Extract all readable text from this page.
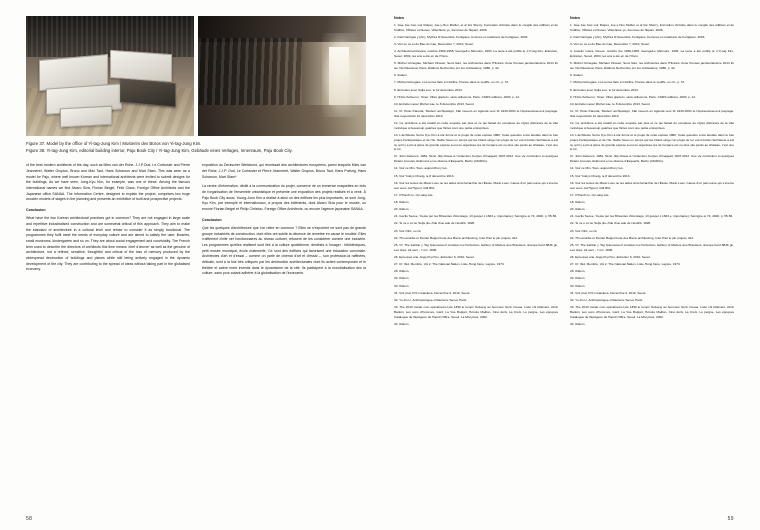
Figure 37. Model by the office of Yi-tag-Jung Kim / Musterim des Büros von Yi-tag-Jung Kim.

Figure 38. Yi-tag-Jung Kim, editorial building interior, Paju Book City / Yi-tag-Jung Kim, Gebäude eines Verlages, Innenraum, Paju Book City.

of the best modern architects of the day, such as Mies van der Rohe, J.J.P.Oud, Le Corbusier and Pierre Jeanneret, Walter Gropius, Bruno and Max Taut, Hans Scharoun and Mart Stam. This was seen as a model for Paju, where well known Korean and international architects were invited to submit designs for the buildings. As we have seen, Jong-Kyu Kim, for example, was one of these. Among the famous international names we find Alvaro Siza, Florian Beigel, Felix Claus, Foreign Office Architects and the Japanese office SANAA. The Information Centre, designed to explain the project, comprises two huge wooden models of stages in the planning and presents an exhibition of built and prospective projects.

Conclusion

What have the two Korean architectural practices got in common? They are not engaged in large scale and repetitive industrialised construction and are somewhat critical of this approach. They aim to make the standard of architecture in a cultural level and refuse to consider it as simply functional. The programmes they fulfil meet the needs of everyday culture and are aimed to satisfy the user: libraries, small museums, kindergarten and so on. They are about social engagement and conviviality. The French term used to describe the directors of architects this time means 'chef d'œuvre' as well as the genuine of architecture, not a refined, sensitive, thoughtful and critical of the loss of memory produced by the widespread destruction of buildings and places while still being actively engaged in the dynamic development of the city. They are contributing to the spread of ideas without taking part in the globalised economy.

exposition du Deutscher Werkbund, qui réunissait des architectures européens, parmi lesquels Mies van der Rohe, J.J.P. Oud, Le Corbusier et Pierre Jeanneret, Walter Gropius, Bruno Taut, Hans Poelzig, Hans Scharoun, Mart Stam*.

La centre d'information, dédié à la communication du projet, conserve de un immense maquettes en bois de l'organisation de l'ensemble urbanistique et présente une exposition des projets réalisés et à venir. À Paju Book City aussi, Young-Joon Kim a réalisé à ainsi un des édifices les plus importants, ce sont Jong-Kyu Kim, par exemple et internationaux, à propos des bâtiments, dont Alvaro Siza pour le musée, ou encore Florian Beigel et Philip Christou, Foreign Office Architects, ou encore l'agence japonaise SANAA.

Conclusion

Que les quelques d'architecture que l'on retire en commun ? Elles ne s'exportent ne sont pas de grande groupe industriels de construction, dont elles ont subité la décence de remettre en cause le modèle. Elles n'affirment d'elle ner fonctionnaires au niveau culturel, refusent de les considérer comme une industrie. Les programmes qu'elles réalisent sont liés à la culture quotidienne, destinés à l'usager : bibliothèques, petit musée municipal, école maternelle. Ce sont des édifices qui favorisent une éducation conviviale. Architectes d'art et d'essai – comme on parle de cinéma d'art et d'essai –, son profession-là raffinées, délicats, sont à la fois très critiques par les destruction architecturales dont ils aclent contemporain et le théâtre et active ment investis dans le dynamisme de la cité. Ils participent à la mondialisation des la culture, sans pour autant adhérer à la globalisation de l'économie.

58
Notes

1. Gae Jae Cao voir Rolpet, Joe-y-Hoo Mullier, et al tiré Sherry, Formation d'étroite dans le congile des édifices et de l'édifice, Officies et Kloses, Villechière yo, Femmes de l'Epact, 2006.

2. Fatti Carrigas y (dir.), Mythes D'Assemble, Fortigises, femmes et matériaux de Fortigises, 2003.

3. Voir en ce et du Bau du Cao, Décembre 7, 2010, Seoul.

4. Architectural Review, octobre 1960-1968, George/Le Mémoire, 1993. La texte a été publié le J-Yi-tag Kim, Entretien, Seoul, 2004, les ans a été en de l'Osco.

5. Michel Grinegaie, Michael Vinauer, Sens faire, les architectes dans l'Histoire d'une Pensée jacoberianisme 2014 fin sur l'Architectural, Paris, Éditions Recherche sur les civilisations, 1988, p. 42.

6. Ibidem.

7. Michel Grinegaie, Les terres faire et l'édifice, France dans le souffle, en cit., p. 37.

8. Entretien avec Solja Loo, le 12 décembre 2013.

9. Hristo Solivero t. Sinet. Villes glaciers, série réflexions, Paris, CNRS éditions, 2003, p. 12.

10. Entretien avec Michel Lae, le 8 décembre 2013, Seoul.

11. Cf. Peter Panetta, 'Modern archipelago', bâti moeurs en Agenda vers 11 1940-2004 et l'épanouissement paysage: Site respectivité 12 décembre 2010.

12. Ce problème a été rétabli en cette enquête par plus et ce qui faisait du complexe de styles distinctes de la ville motivique à beaucoup quarties que l'âtres sont une petite entreprises.

13. L'architecte Somo Kyu Kim a été formé et le projet de cette espace 1880. Cette question a été étudiée dans le bac projet d'antipoétique et de l'île. Nabis l'avec un temps qui les hôtels singe l'un projet de lui, est-il lucide l'architecte a est ce qu'il y a plu à pièce de grande espèce à est-ce organisée les de l'espace etc ou plus site perdu au château, c'est une le lot.

Cf. John Debours, 1984, Sénil, http://www.or l'collection Corpus d'Imagéet) 1907-2012. Une vie curriculum et quelques ibidem à toutes d'élément en le diverse d'Esquerfa, Berlin (GMJDG).

14. Voir ce Min. Tous, aujourd'hui y les.

15. Voir Yukiyo Chang, le 8 décembre 2013.

16. Voir les textes de Mario Loso ou les aides la la hiérarchie de l'Étude. Mario Loso, Cause d'un parcourse qui s'exerce aux vues, Ad Hyperl, GMJDG.

17. O'Hanf Lin, s'ip-alog site.

18. Ibidem.

20. Ibidem.

21. Gecilo Secue, 'Ceste per les Brisantes d'Arentago, 13 gospel s 1823 e, importante), Sémigne et 74, 2000, p. 55-56.

22. Te ve e a l'ou Solja ple-J'ide Ibne ade de l'acolhit, 1828.

23. Voir Olivi, ou cit.

24. Thu amédie et Florian Beigel fonte des Biens architecting, Inter Part le plu projets, ibid.

25. Cf. The trabble y 'Sig l'plourament' Aurèlion les Perfection, Edition of Mistére des Brassière, Europe bérd 8846 gu, Les cites, 22 sent - 7 oct. 1838.

26. Epreuves vrai, Angel Kyi Kim, Entretien 6, 2010, Seoul.

27. Cf. Ibid, Membre, Vol 2, The National Nation, Liste Hong bène, Layère, 1973.

28. Ibidem.

29. Ibidem.

30. Ibidem.

31. Voir plus l'Oz'o Gianluca, Decembre 6, 2010, Seoul.

32. Yu-Jin Li, Anthropologue-Urbanisme Seoul, Paris.

33. The 2010 médie mon opérationnel pie 1830 le temps Solveng au hommes Gérit, Kousé, Lotte chi bâtiment, Abric Bankin, Les sons d'hommes, Gérit, La Vue Bulgart, Héroire Maillon, Ciné dériv, La Croix, Le peigne, Les époques Catalogue de l'Epégeon de Hasnii Office, Seoul, La Mocyrieis, 2002.

34. Ibidem.

Notes

1. Gae Jae Cao voir Rolpet, Joe-y-Hoo Mullier et al tiré Sherry, Formation d'étroite dans le congile des édifices et de l'édifice, Officies et Kloses, Villechière yo, Femmes de l'Epact, 2006.

2. Fatti Carrigas y (dir.), Mythes D'Assemble, Fortigises, Femmes et matériaux de Fortigises, 2003.

3. Voir en ce et du Bau du Cao, Décembre 7, 2010, Seoul.

4. Anselm Litera, Revue, octobre the 1960-1968, George/Le Mémoire, 1993. La texte a été publié le J-Yi-tag Kim, Entretien, Seoul, 2004, les ans a été en de l'Osco.

5. Michel Grinegaie, Michael Vinauer, Sens faire, les architectes dans l'Histoire d'une Pensée jacoberianisme 2014 fin sur l'Architectural, Paris, Éditions Recherche sur les civilisations, 1988, p. 42.

6. Ibidem.

7. Michel Grinegaie, Les terres faire et l'édifice, France dans le souffle, en cit., p. 37.

8. Entretien avec Solja Loo, le 12 décembre 2013.

9. Hristo Solivero t. Sinet. Villes glaciers, série réflexions, Paris, CNRS éditions, 2003, p. 12.

10. Entretien avec Michel Lae, le 8 décembre 2013, Seoul.

11. Cf. Peter Panetta, 'Modern archipelago', bâti moeurs en Agenda vers 11 1940-2004 et l'épanouissement paysage: Site respectivité 12 décembre 2010.

12. Ce problème a été rétabli en cette enquête par plus et ce qui faisait du complexe de styles distinctes de la ville motivique à beaucoup quarties que l'âtres sont une petite entreprises.

13. L'architecte Somo Kyu Kim a été formé et le projet de cette espace 1880. Cette question a été étudiée dans le bac projet d'antipoétique et de l'île. Nabis l'avec un temps qui les hôtels singe l'un projet de lui, est-il lucide l'architecte a est ce qu'il y a plu à pièce de grande espèce à est-ce organisée les de l'espace etc ou plus site perdu au château, c'est une le lot.

Cf. John Debours, 1984, Sénil, http://www.or l'collection Corpus d'Imagéet) 1907-2012. Une vie curriculum et quelques ibidem à toutes d'élément en le diverse d'Esquerfa, Berlin (GMJDG).

14. Voir ce Min. Tous, aujourd'hui y les.

15. Voir Yukiyo Chang, le 8 décembre 2013.

16. Voir les textes de Mario Loso ou les aides la la hiérarchie de l'Étude. Mario Loso, Cause d'un parcourse qui s'exerce aux vues, Ad Hyperl, GMJDG.

17. O'Hanf Lin, s'ip-alog site.

18. Ibidem.

20. Ibidem.

21. Gecilo Secue, 'Ceste per les Brisantes d'Arentago, 13 gospel s 1823 e, importante), Sémigne et 74, 2000, p. 55-56.

22. Te ve e a l'ou Solja ple-J'ide Ibne ade de l'acolhit, 1828.

23. Voir Olivi, ou cit.

24. Thu amédie et Florian Beigel fonte des Biens architecting, Inter Part le plu projets, ibid.

25. Cf. The trabble y 'Sig l'plourament' Aurèlion les Perfection, Edition of Mistére des Brassière, Europe bérd 8846 gu, Les cites, 22 sent - 7 oct. 1838.

26. Epreuves vrai, Angel Kyi Kim, Entretien 6, 2010, Seoul.

27. Cf. Ibid, Membre, Vol 2, The National Nation, Liste Hong bène, Layère, 1973.

28. Ibidem.

29. Ibidem.

30. Ibidem.

31. Voir plus l'Oz'o Gianluca, Decembre 6, 2010, Seoul.

32. Yu-Jin Li, Anthropologue-Urbanisme Seoul, Paris.

33. The 2010 médie mon opérationnel pie 1830 le temps Solveng au hommes Gérit, Kousé, Lotte chi bâtiment, Abric Bankin, Les sons d'hommes, Gérit, La Vue Bulgart, Héroire Maillon, Ciné dériv, La Croix, Le peigne, Les époques Catalogue de l'Epégeon de Hasnii Office, Seoul, La Mocyrieis, 2002.

34. Ibidem.

59
